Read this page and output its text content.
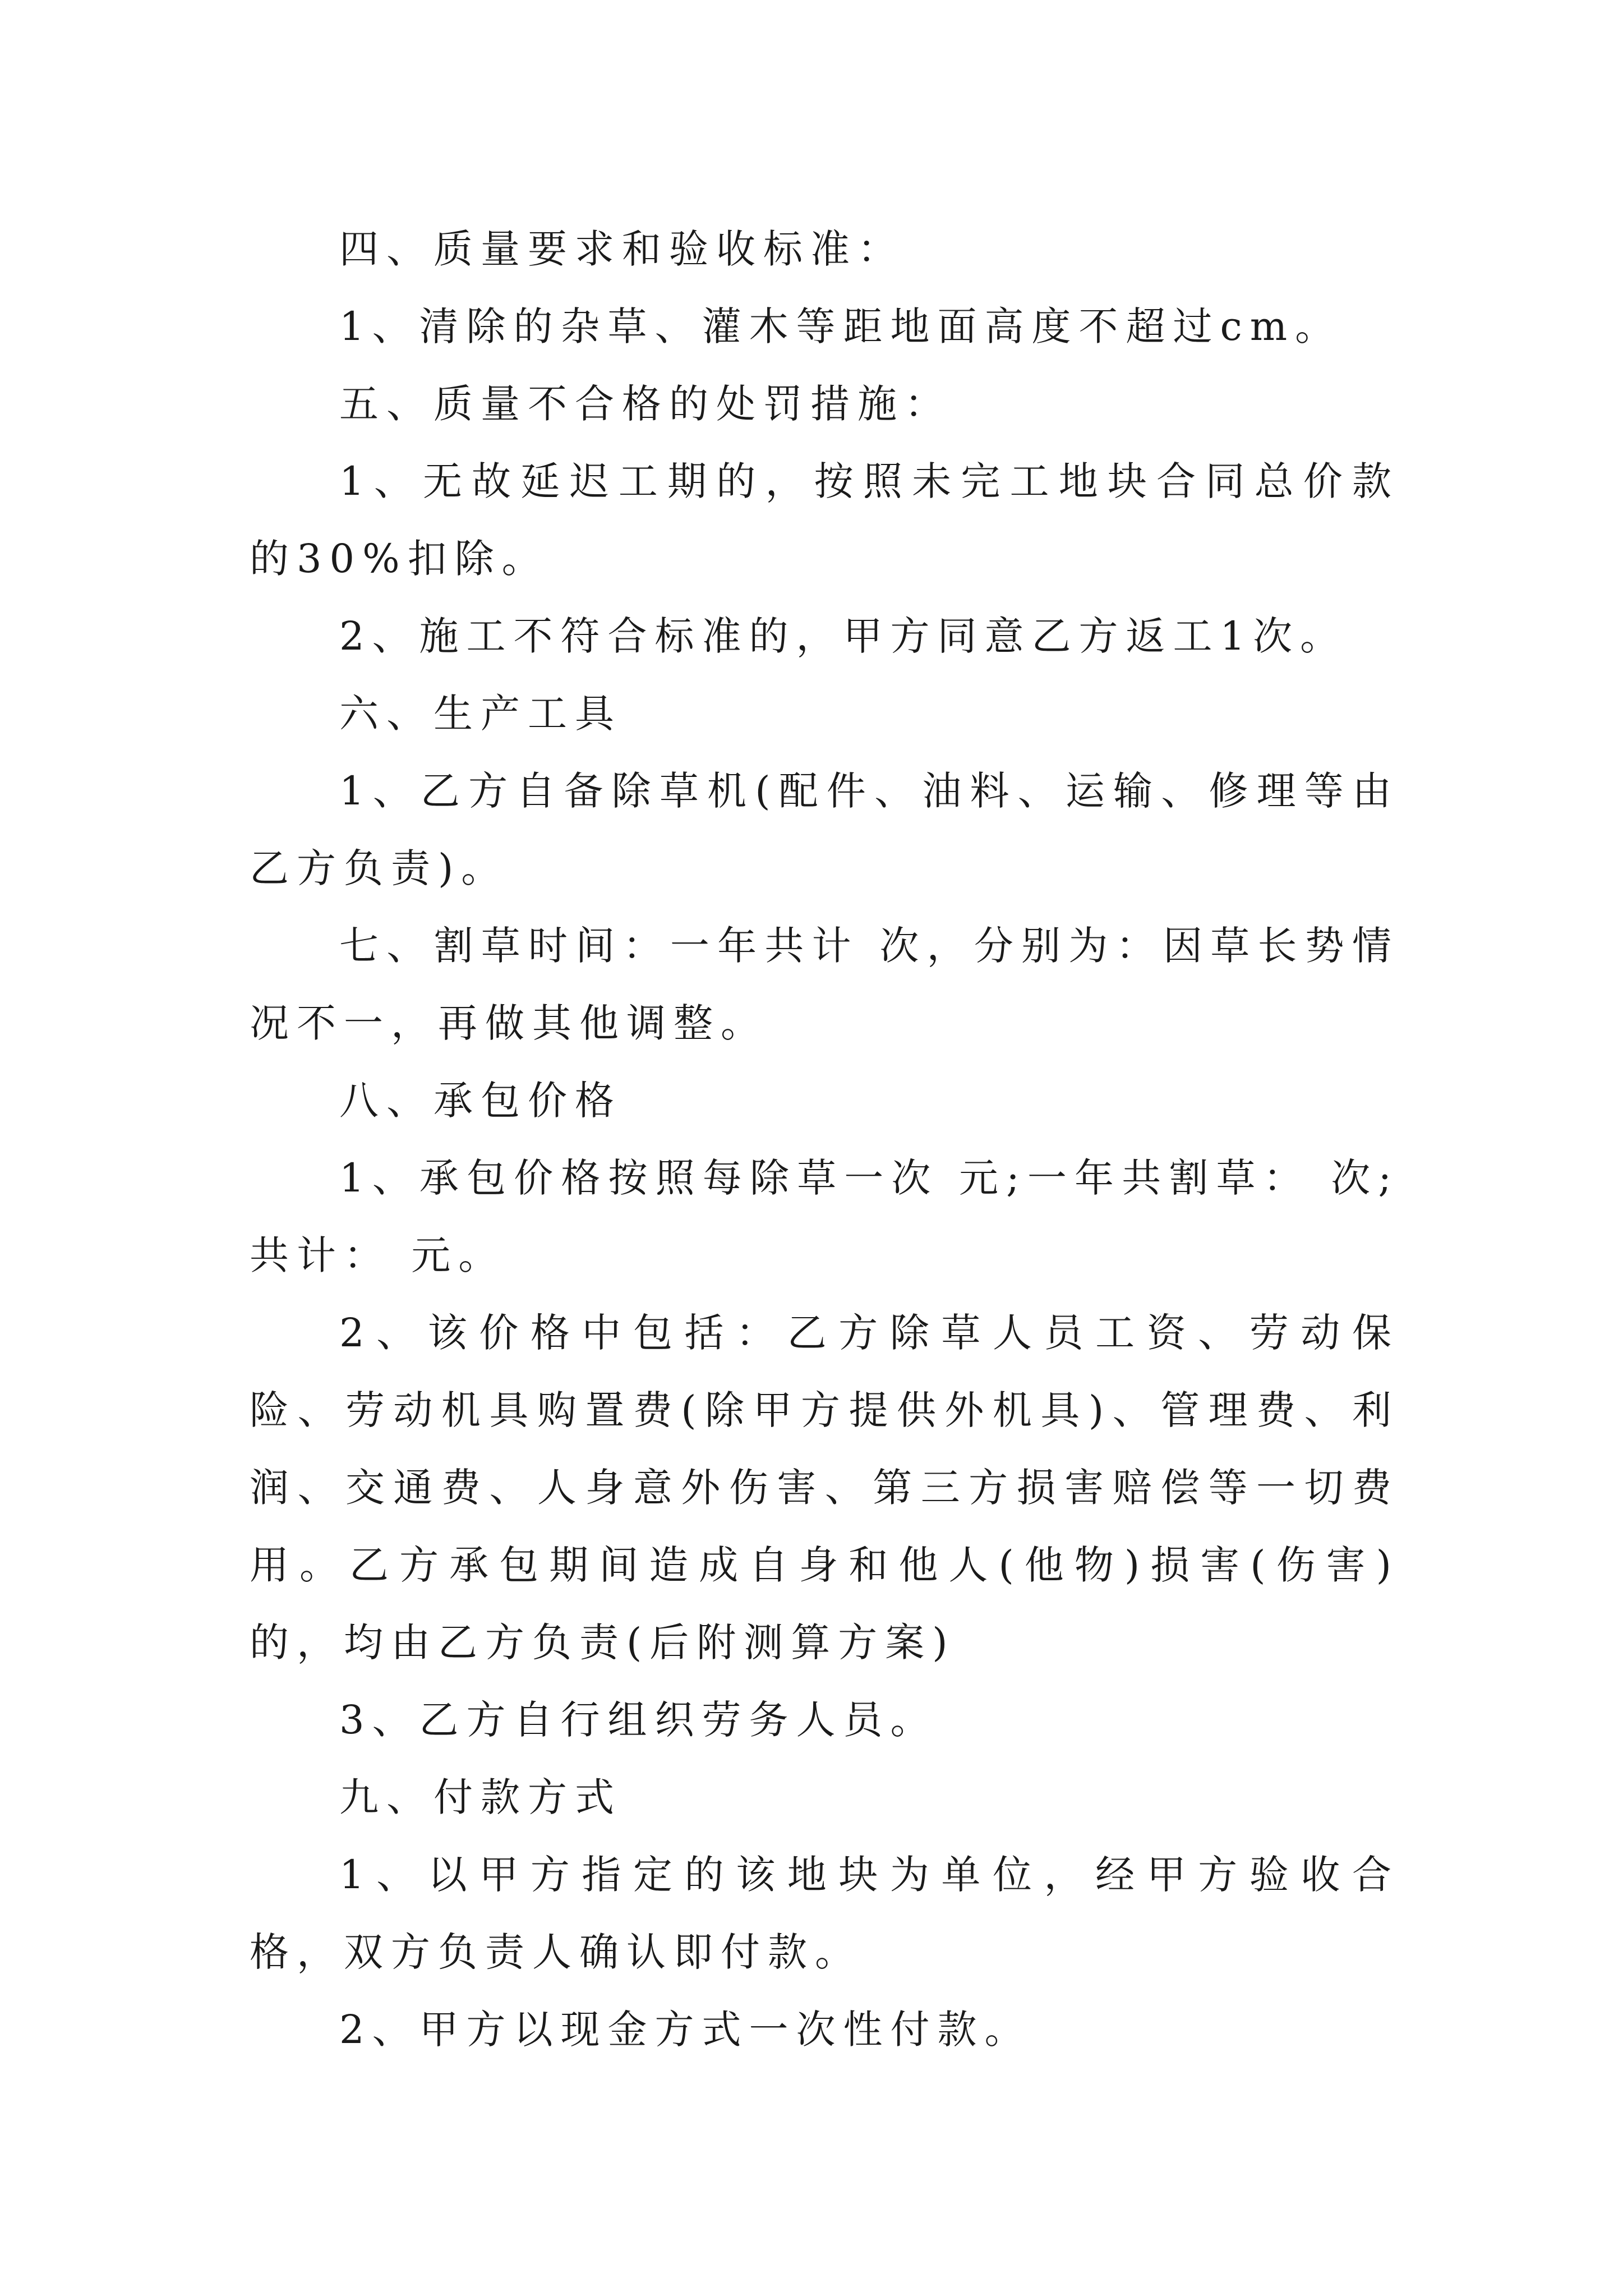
四、质量要求和验收标准：

1、清除的杂草、灌木等距地面高度不超过cm。

五、质量不合格的处罚措施：

1、无故延迟工期的，按照未完工地块合同总价款的30%扣除。

2、施工不符合标准的，甲方同意乙方返工1次。

六、生产工具

1、乙方自备除草机(配件、油料、运输、修理等由乙方负责)。

七、割草时间：一年共计 次，分别为：因草长势情况不一，再做其他调整。

八、承包价格

1、承包价格按照每除草一次 元;一年共割草： 次;共计： 元。

2、该价格中包括：乙方除草人员工资、劳动保险、劳动机具购置费(除甲方提供外机具)、管理费、利润、交通费、人身意外伤害、第三方损害赔偿等一切费用。乙方承包期间造成自身和他人(他物)损害(伤害)的，均由乙方负责(后附测算方案)

3、乙方自行组织劳务人员。

九、付款方式

1、以甲方指定的该地块为单位，经甲方验收合格，双方负责人确认即付款。

2、甲方以现金方式一次性付款。
